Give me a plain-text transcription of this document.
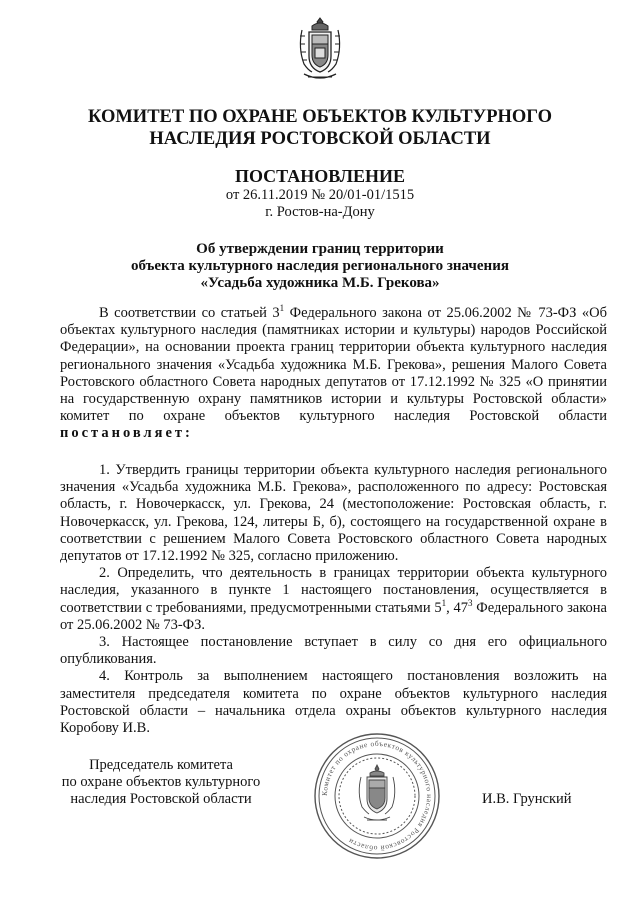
КОМИТЕТ ПО ОХРАНЕ ОБЪЕКТОВ КУЛЬТУРНОГО
НАСЛЕДИЯ РОСТОВСКОЙ ОБЛАСТИ
ПОСТАНОВЛЕНИЕ
от 26.11.2019 № 20/01-01/1515
г. Ростов-на-Дону
Об утверждении границ территории
объекта культурного наследия регионального значения
«Усадьба художника М.Б. Грекова»

В соответствии со статьей $3^1$ Федерального закона от 25.06.2002 № 73-ФЗ «Об объектах культурного наследия (памятниках истории и культуры) народов Российской Федерации», на основании проекта границ территории объекта культурного наследия регионального значения «Усадьба художника М.Б. Грекова», решения Малого Совета Ростовского областного Совета народных депутатов от 17.12.1992 № 325 «О принятии на государственную охрану памятников истории и культуры Ростовской области» комитет по охране объектов культурного наследия Ростовской области постановляет:

1. Утвердить границы территории объекта культурного наследия регионального значения «Усадьба художника М.Б. Грекова», расположенного по адресу: Ростовская область, г. Новочеркасск, ул. Грекова, 24 (местоположение: Ростовская область, г. Новочеркасск, ул. Грекова, 124, литеры Б, б), состоящего на государственной охране в соответствии с решением Малого Совета Ростовского областного Совета народных депутатов от 17.12.1992 № 325, согласно приложению.

2. Определить, что деятельность в границах территории объекта культурного наследия, указанного в пункте 1 настоящего постановления, осуществляется в соответствии с требованиями, предусмотренными статьями $5^1$, $47^3$ Федерального закона от 25.06.2002 № 73-ФЗ.

3. Настоящее постановление вступает в силу со дня его официального опубликования.

4. Контроль за выполнением настоящего постановления возложить на заместителя председателя комитета по охране объектов культурного наследия Ростовской области – начальника отдела охраны объектов культурного наследия Коробову И.В.

Председатель комитета
по охране объектов культурного
наследия Ростовской области	Комитет по охране объектов культурного наследия Ростовской области
И.В. Грунский
